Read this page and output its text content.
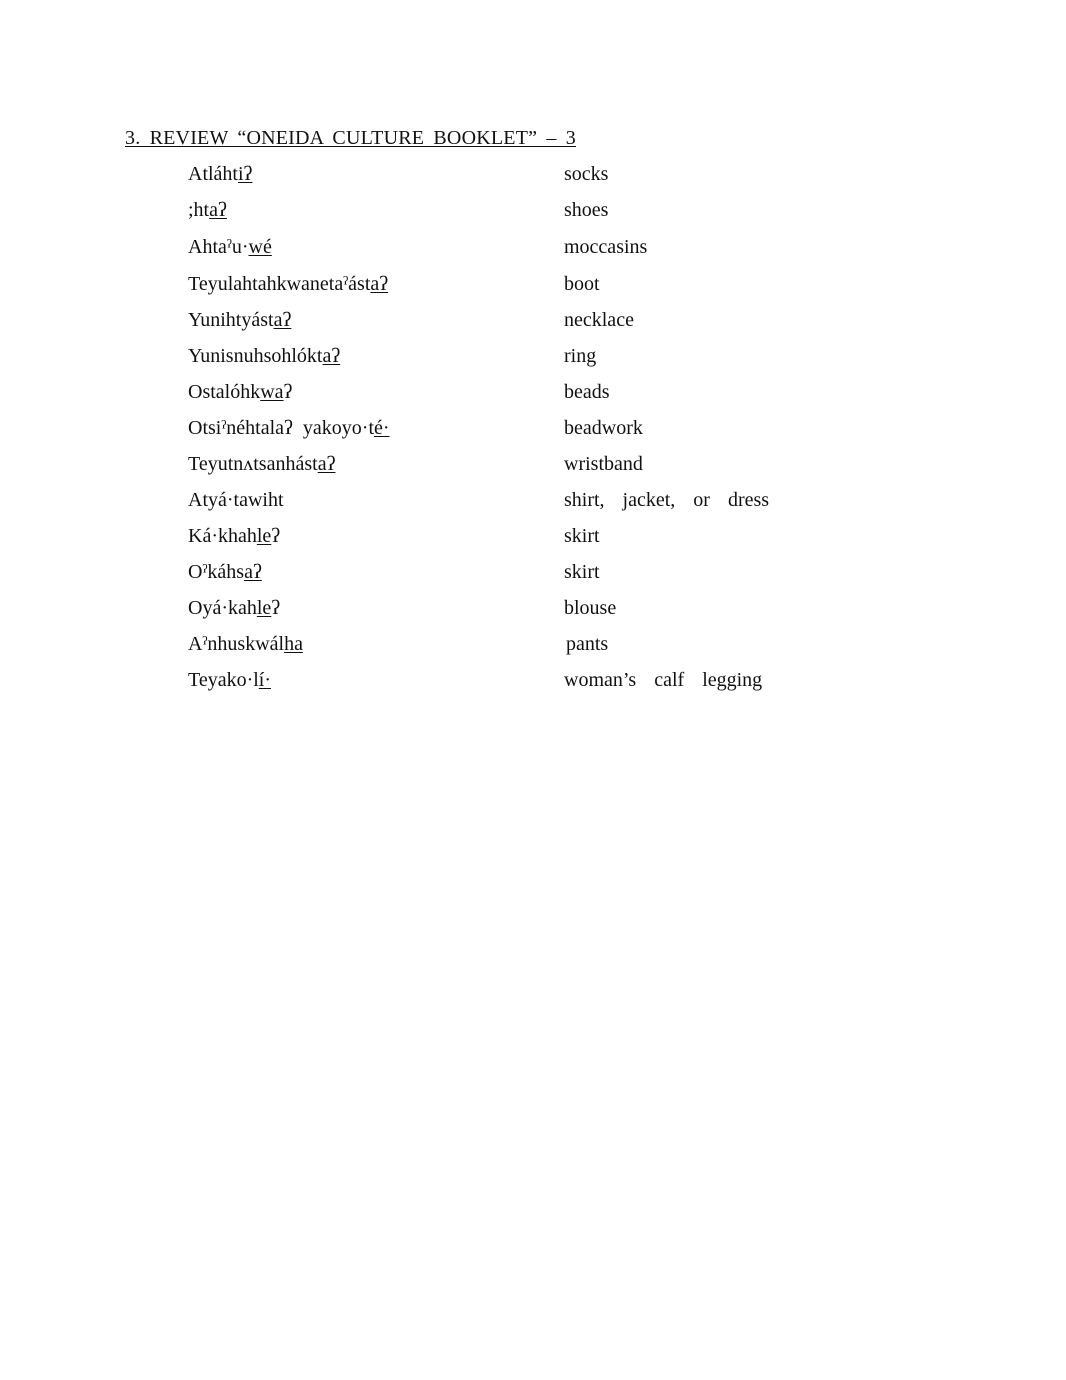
3. REVIEW “ONEIDA CULTURE BOOKLET” – 3
Atláhtiʔ	socks
;htaʔ	shoes
Ahtaˀu·wé	moccasins
Teyulahtahkwanetaˀástaʔ	boot
Yunihtyástaʔ	necklace
Yunisnuhsohlóktaʔ	ring
Ostalóhkwaʔ	beads
Otsiˀnéhtalaʔ  yakoyo·té·	beadwork
Teyutnʌtsanhástaʔ	wristband
Atyá·tawiht	shirt,  jacket,  or  dress
Ká·khahleʔ	skirt
Oˀkáhsaʔ	skirt
Oyá·kahleʔ	blouse
Aˀnhuskwálha	pants
Teyako·lí·	woman’s  calf  legging
